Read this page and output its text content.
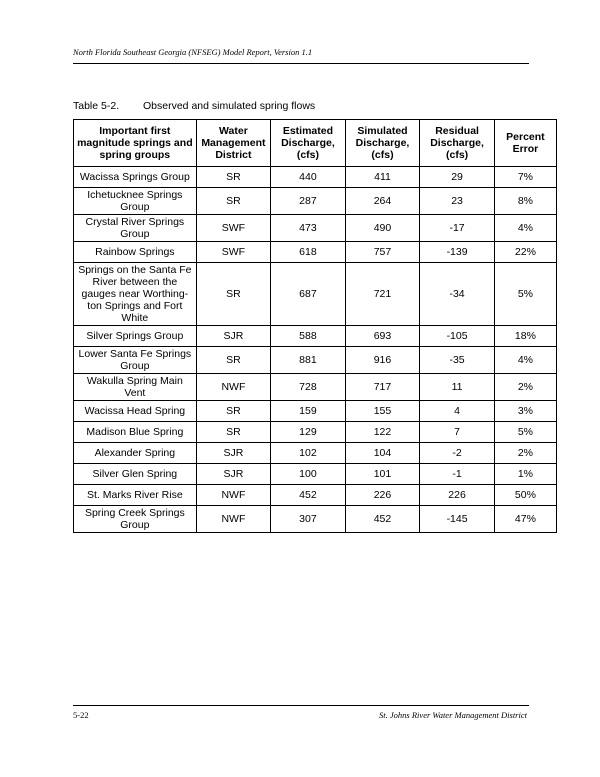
North Florida Southeast Georgia (NFSEG) Model Report, Version 1.1
Table 5-2. Observed and simulated spring flows
Important first magnitude springs and spring groups	Water Management District	Estimated Discharge, (cfs)	Simulated Discharge, (cfs)	Residual Discharge, (cfs)	Percent Error
Wacissa Springs Group	SR	440	411	29	7%
Ichetucknee Springs Group	SR	287	264	23	8%
Crystal River Springs Group	SWF	473	490	-17	4%
Rainbow Springs	SWF	618	757	-139	22%
Springs on the Santa Fe River between the gauges near Worthing-ton Springs and Fort White	SR	687	721	-34	5%
Silver Springs Group	SJR	588	693	-105	18%
Lower Santa Fe Springs Group	SR	881	916	-35	4%
Wakulla Spring Main Vent	NWF	728	717	11	2%
Wacissa Head Spring	SR	159	155	4	3%
Madison Blue Spring	SR	129	122	7	5%
Alexander Spring	SJR	102	104	-2	2%
Silver Glen Spring	SJR	100	101	-1	1%
St. Marks River Rise	NWF	452	226	226	50%
Spring Creek Springs Group	NWF	307	452	-145	47%
5-22	St. Johns River Water Management District
